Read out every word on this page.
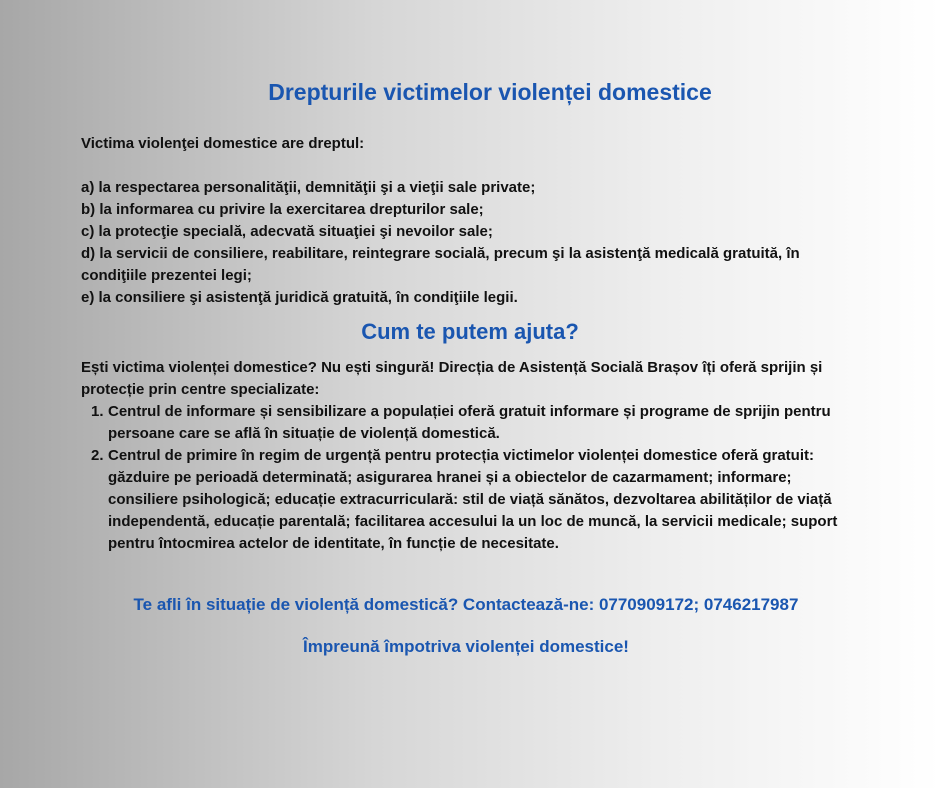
Drepturile victimelor violenței domestice

Victima violenţei domestice are dreptul:

a) la respectarea personalităţii, demnităţii şi a vieţii sale private;
b) la informarea cu privire la exercitarea drepturilor sale;
c) la protecţie specială, adecvată situaţiei şi nevoilor sale;
d) la servicii de consiliere, reabilitare, reintegrare socială, precum şi la asistenţă medicală gratuită, în condiţiile prezentei legi;
e) la consiliere şi asistenţă juridică gratuită, în condiţiile legii.
Cum te putem ajuta?

Ești victima violenței domestice? Nu ești singură! Direcția de Asistență Socială Brașov îți oferă sprijin și protecție prin centre specializate:

1. Centrul de informare și sensibilizare a populației oferă gratuit informare și programe de sprijin pentru persoane care se află în situație de violență domestică.
2. Centrul de primire în regim de urgență pentru protecția victimelor violenței domestice oferă gratuit: găzduire pe perioadă determinată; asigurarea hranei și a obiectelor de cazarmament; informare; consiliere psihologică; educație extracurriculară: stil de viață sănătos, dezvoltarea abilităților de viață independentă, educație parentală; facilitarea accesului la un loc de muncă, la servicii medicale; suport pentru întocmirea actelor de identitate, în funcție de necesitate.

Te afli în situație de violență domestică? Contactează-ne: 0770909172; 0746217987

Împreună împotriva violenței domestice!
